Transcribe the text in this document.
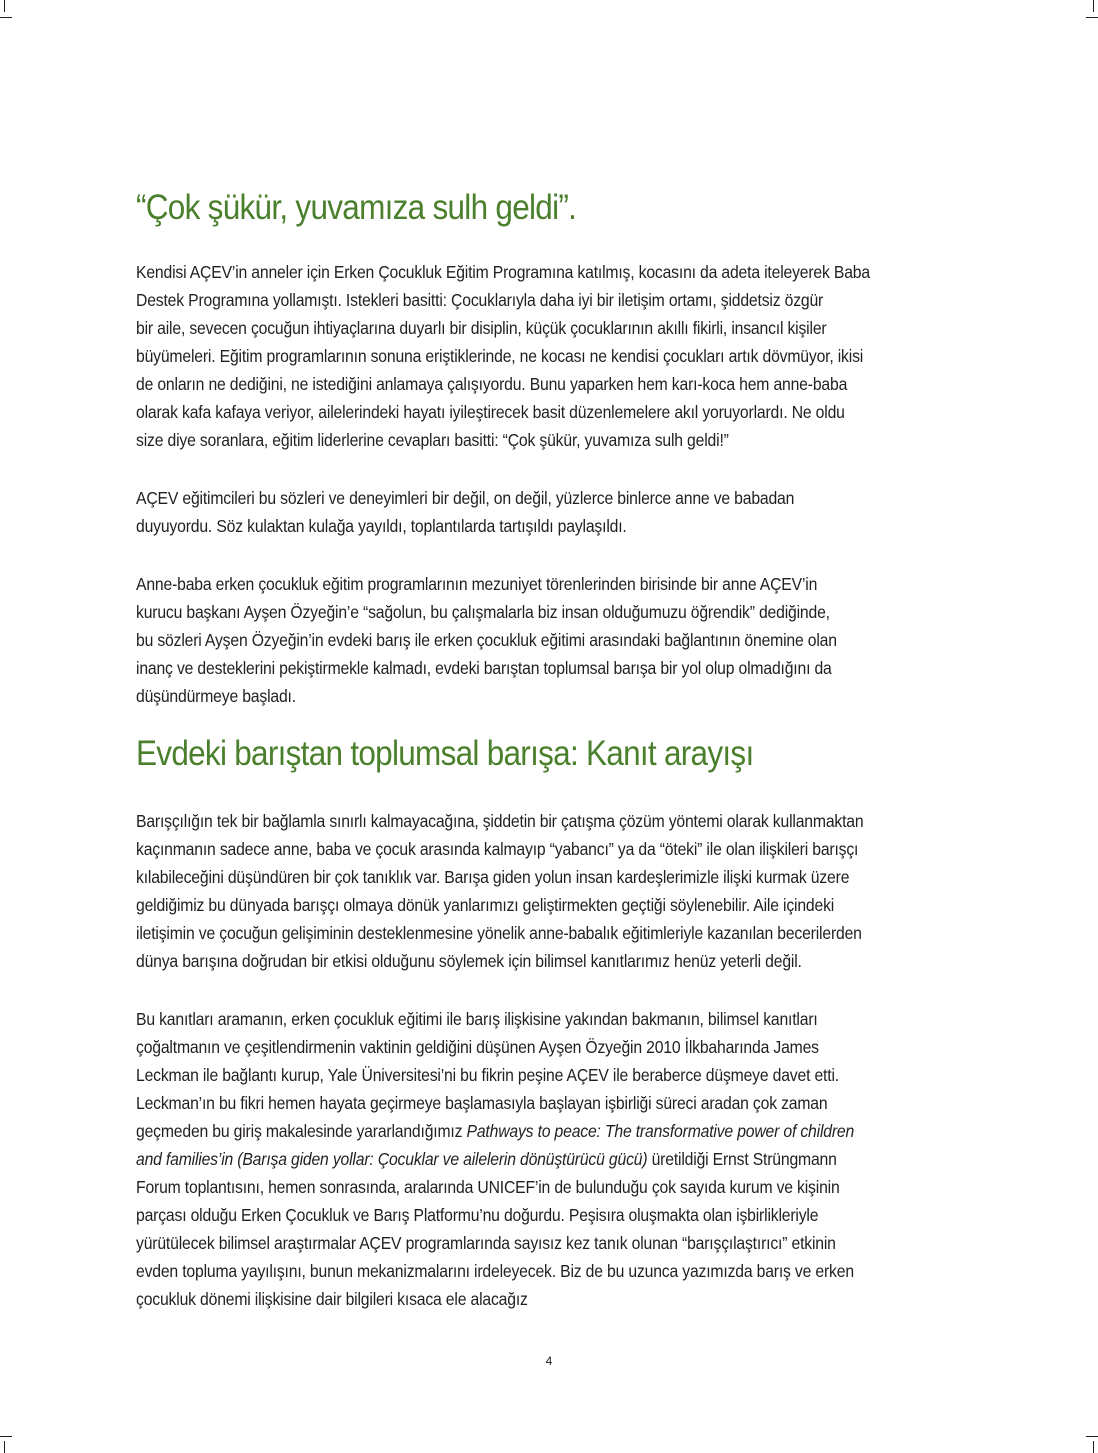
“Çok şükür, yuvamıza sulh geldi”.
Kendisi AÇEV’in anneler için Erken Çocukluk Eğitim Programına katılmış, kocasını da adeta iteleyerek Baba
Destek Programına yollamıştı. Istekleri basitti: Çocuklarıyla daha iyi bir iletişim ortamı, şiddetsiz özgür
bir aile, sevecen çocuğun ihtiyaçlarına duyarlı bir disiplin, küçük çocuklarının akıllı fikirli, insancıl kişiler
büyümeleri. Eğitim programlarının sonuna eriştiklerinde, ne kocası ne kendisi çocukları artık dövmüyor, ikisi
de onların ne dediğini, ne istediğini anlamaya çalışıyordu. Bunu yaparken hem karı-koca hem anne-baba
olarak kafa kafaya veriyor, ailelerindeki hayatı iyileştirecek basit düzenlemelere akıl yoruyorlardı. Ne oldu
size diye soranlara, eğitim liderlerine cevapları basitti: “Çok şükür, yuvamıza sulh geldi!”
AÇEV eğitimcileri bu sözleri ve deneyimleri bir değil, on değil, yüzlerce binlerce anne ve babadan
duyuyordu. Söz kulaktan kulağa yayıldı, toplantılarda tartışıldı paylaşıldı.
Anne-baba erken çocukluk eğitim programlarının mezuniyet törenlerinden birisinde bir anne AÇEV’in
kurucu başkanı Ayşen Özyeğin’e “sağolun, bu çalışmalarla biz insan olduğumuzu öğrendik” dediğinde,
bu sözleri Ayşen Özyeğin’in evdeki barış ile erken çocukluk eğitimi arasındaki bağlantının önemine olan
inanç ve desteklerini pekiştirmekle kalmadı, evdeki barıştan toplumsal barışa bir yol olup olmadığını da
düşündürmeye başladı.
Evdeki barıştan toplumsal barışa: Kanıt arayışı
Barışçılığın tek bir bağlamla sınırlı kalmayacağına, şiddetin bir çatışma çözüm yöntemi olarak kullanmaktan
kaçınmanın sadece anne, baba ve çocuk arasında kalmayıp “yabancı” ya da “öteki” ile olan ilişkileri barışçı
kılabileceğini düşündüren bir çok tanıklık var. Barışa giden yolun insan kardeşlerimizle ilişki kurmak üzere
geldiğimiz bu dünyada barışçı olmaya dönük yanlarımızı geliştirmekten geçtiği söylenebilir. Aile içindeki
iletişimin ve çocuğun gelişiminin desteklenmesine yönelik anne-babalık eğitimleriyle kazanılan becerilerden
dünya barışına doğrudan bir etkisi olduğunu söylemek için bilimsel kanıtlarımız henüz yeterli değil.
Bu kanıtları aramanın, erken çocukluk eğitimi ile barış ilişkisine yakından bakmanın, bilimsel kanıtları
çoğaltmanın ve çeşitlendirmenin vaktinin geldiğini düşünen Ayşen Özyeğin 2010 İlkbaharında James
Leckman ile bağlantı kurup, Yale Üniversitesi’ni bu fikrin peşine AÇEV ile beraberce düşmeye davet etti.
Leckman’ın bu fikri hemen hayata geçirmeye başlamasıyla başlayan işbirliği süreci aradan çok zaman
geçmeden bu giriş makalesinde yararlandığımız Pathways to peace: The transformative power of children
and families’in (Barışa giden yollar: Çocuklar ve ailelerin dönüştürücü gücü) üretildiği Ernst Strüngmann
Forum toplantısını, hemen sonrasında, aralarında UNICEF’in de bulunduğu çok sayıda kurum ve kişinin
parçası olduğu Erken Çocukluk ve Barış Platformu’nu doğurdu. Peşisıra oluşmakta olan işbirlikleriyle
yürütülecek bilimsel araştırmalar AÇEV programlarında sayısız kez tanık olunan “barışçılaştırıcı” etkinin
evden topluma yayılışını, bunun mekanizmalarını irdeleyecek. Biz de bu uzunca yazımızda barış ve erken
çocukluk dönemi ilişkisine dair bilgileri kısaca ele alacağız
4
